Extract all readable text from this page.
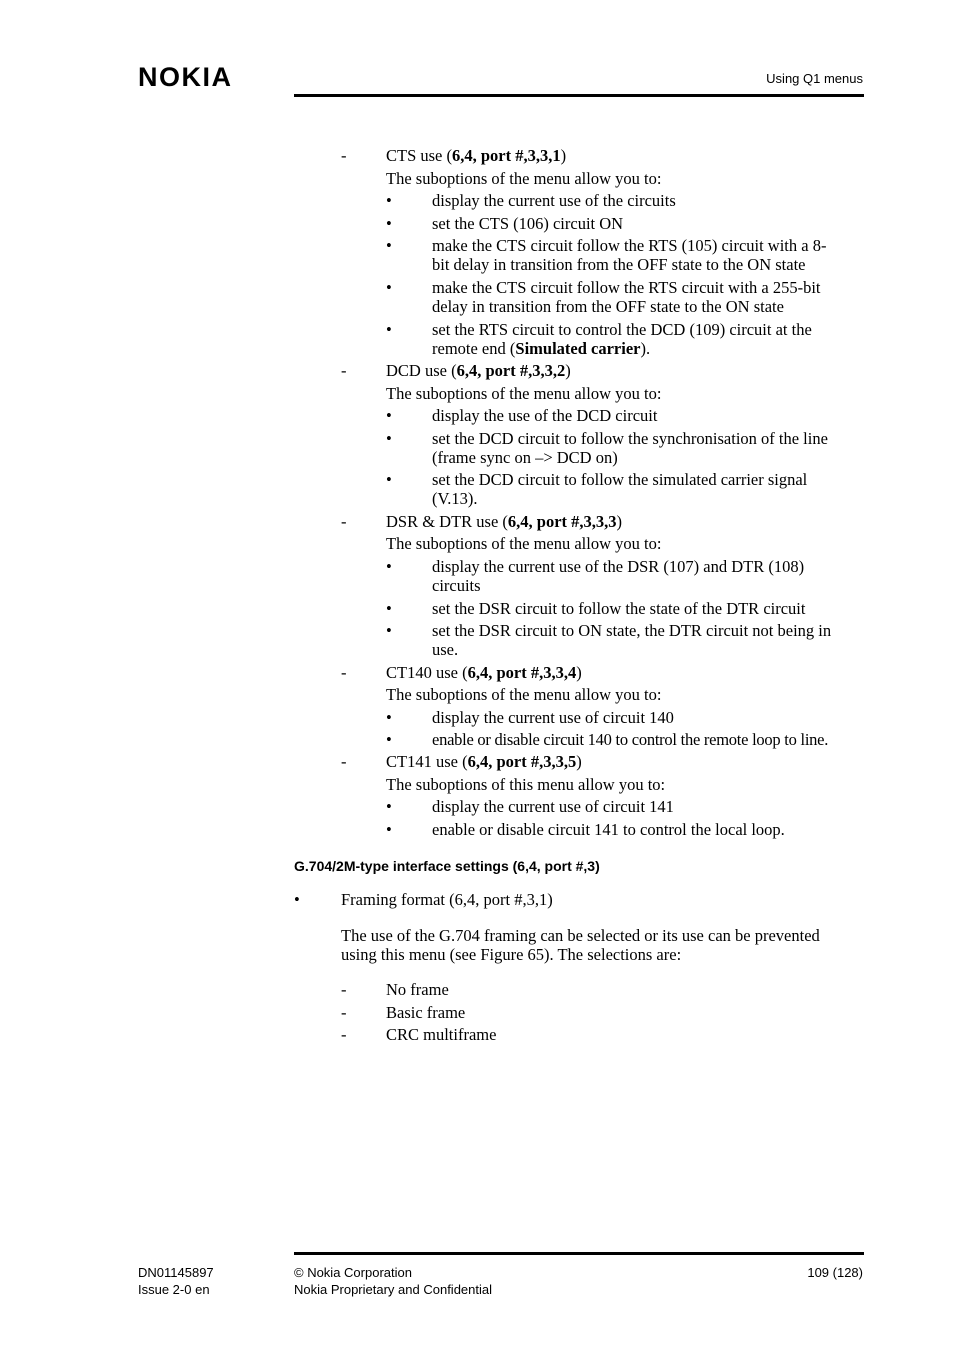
NOKIA	Using Q1 menus
- CTS use (6,4, port #,3,3,1)

The suboptions of the menu allow you to:

• display the current use of the circuits

• set the CTS (106) circuit ON

• make the CTS circuit follow the RTS (105) circuit with a 8-

bit delay in transition from the OFF state to the ON state

• make the CTS circuit follow the RTS circuit with a 255-bit

delay in transition from the OFF state to the ON state

• set the RTS circuit to control the DCD (109) circuit at the

remote end (Simulated carrier).

- DCD use (6,4, port #,3,3,2)

The suboptions of the menu allow you to:

• display the use of the DCD circuit

• set the DCD circuit to follow the synchronisation of the line

(frame sync on –> DCD on)

• set the DCD circuit to follow the simulated carrier signal

(V.13).

- DSR & DTR use (6,4, port #,3,3,3)

The suboptions of the menu allow you to:

• display the current use of the DSR (107) and DTR (108)

circuits

• set the DSR circuit to follow the state of the DTR circuit

• set the DSR circuit to ON state, the DTR circuit not being in

use.

- CT140 use (6,4, port #,3,3,4)

The suboptions of the menu allow you to:

• display the current use of circuit 140

• enable or disable circuit 140 to control the remote loop to line.

- CT141 use (6,4, port #,3,3,5)

The suboptions of this menu allow you to:

• display the current use of circuit 141

• enable or disable circuit 141 to control the local loop.

G.704/2M-type interface settings (6,4, port #,3)
• Framing format (6,4, port #,3,1)

The use of the G.704 framing can be selected or its use can be prevented

using this menu (see Figure 65). The selections are:

- No frame

- Basic frame

- CRC multiframe

DN01145897

Issue 2-0 en

© Nokia Corporation

Nokia Proprietary and Confidential

109 (128)
